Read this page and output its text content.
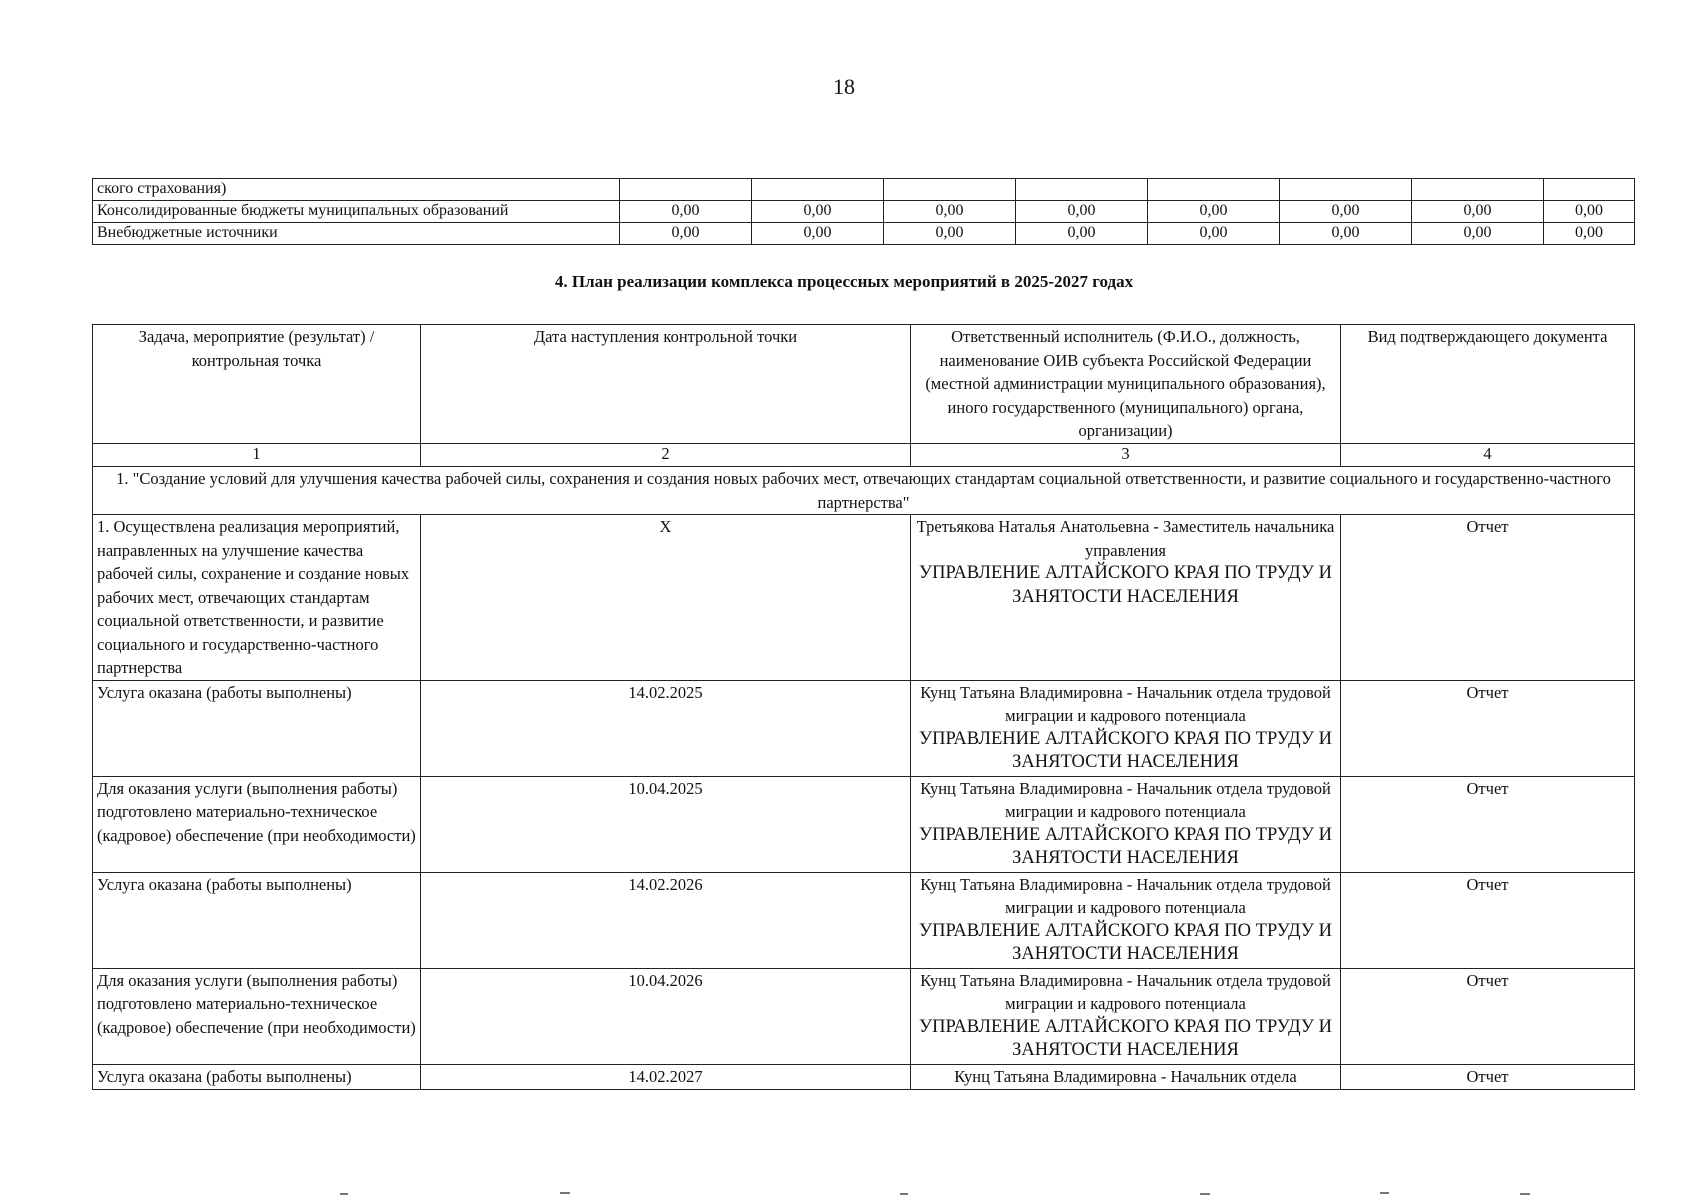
18
ского страхования)								
Консолидированные бюджеты муниципальных образований	0,00	0,00	0,00	0,00	0,00	0,00	0,00	0,00
Внебюджетные источники	0,00	0,00	0,00	0,00	0,00	0,00	0,00	0,00
4. План реализации комплекса процессных мероприятий в 2025-2027 годах
Задача, мероприятие (результат) / контрольная точка	Дата наступления контрольной точки	Ответственный исполнитель (Ф.И.О., должность, наименование ОИВ субъекта Российской Федерации (местной администрации муниципального образования), иного государственного (муниципального) органа, организации)	Вид подтверждающего документа
1	2	3	4
1. "Создание условий для улучшения качества рабочей силы, сохранения и создания новых рабочих мест, отвечающих стандартам социальной ответственности, и развитие социального и государственно-частного партнерства"			
1. Осуществлена реализация мероприятий, направленных на улучшение качества рабочей силы, сохранение и создание новых рабочих мест, отвечающих стандартам социальной ответственности, и развитие социального и государственно-частного партнерства	X	Третьякова Наталья Анатольевна - Заместитель начальника управления
УПРАВЛЕНИЕ АЛТАЙСКОГО КРАЯ ПО ТРУДУ И ЗАНЯТОСТИ НАСЕЛЕНИЯ	Отчет
Услуга оказана (работы выполнены)	14.02.2025	Кунц Татьяна Владимировна - Начальник отдела трудовой миграции и кадрового потенциала
УПРАВЛЕНИЕ АЛТАЙСКОГО КРАЯ ПО ТРУДУ И ЗАНЯТОСТИ НАСЕЛЕНИЯ	Отчет
Для оказания услуги (выполнения работы) подготовлено материально-техническое (кадровое) обеспечение (при необходимости)	10.04.2025	Кунц Татьяна Владимировна - Начальник отдела трудовой миграции и кадрового потенциала
УПРАВЛЕНИЕ АЛТАЙСКОГО КРАЯ ПО ТРУДУ И ЗАНЯТОСТИ НАСЕЛЕНИЯ	Отчет
Услуга оказана (работы выполнены)	14.02.2026	Кунц Татьяна Владимировна - Начальник отдела трудовой миграции и кадрового потенциала
УПРАВЛЕНИЕ АЛТАЙСКОГО КРАЯ ПО ТРУДУ И ЗАНЯТОСТИ НАСЕЛЕНИЯ	Отчет
Для оказания услуги (выполнения работы) подготовлено материально-техническое (кадровое) обеспечение (при необходимости)	10.04.2026	Кунц Татьяна Владимировна - Начальник отдела трудовой миграции и кадрового потенциала
УПРАВЛЕНИЕ АЛТАЙСКОГО КРАЯ ПО ТРУДУ И ЗАНЯТОСТИ НАСЕЛЕНИЯ	Отчет
Услуга оказана (работы выполнены)	14.02.2027	Кунц Татьяна Владимировна - Начальник отдела	Отчет
